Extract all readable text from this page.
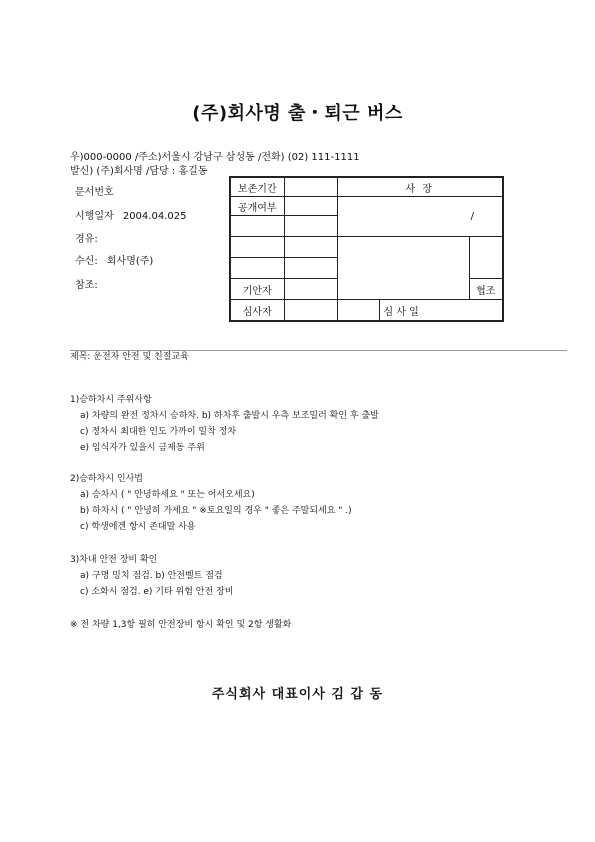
(주)회사명 출・퇴근 버스
우)000-0000 /주소)서울시 강남구 삼성동 /전화) (02) 111-1111
발신) (주)회사명 /담당 : 홍길동
문서번호
시행일자 2004.04.025
경유:
수신: 회사명(주)
참조:
보존기간		사 장		
공개여부		/		

기안자				협조
심사자			심 사 일	
제목: 운전자 안전 및 친절교육
1)승하차시 주위사항
a) 차량의 완전 정차시 승하차. b) 하차후 출발시 우측 보조밀러 확인 후 출발
c) 정차시 최대한 인도 가까이 밀착 정차
e) 임식자가 있을시 금제동 주위
2)승하차시 인사법
a) 승차시 ( " 안녕하세요 " 또는 어서오세요)
b) 하차시 ( " 안녕히 가세요 " ※토요일의 경우 " 좋은 주말되세요 " .)
c) 학생에겐 항시 존대말 사용
3)차내 안전 장비 확인
a) 구명 밍치 점검. b) 안전벨트 점검
c) 소화시 점검. e) 기타 위험 안전 장비
※ 전 차량 1,3항 필히 안전장비 항시 확인 및 2항 생활화
주식회사 대표이사 김 갑 동
